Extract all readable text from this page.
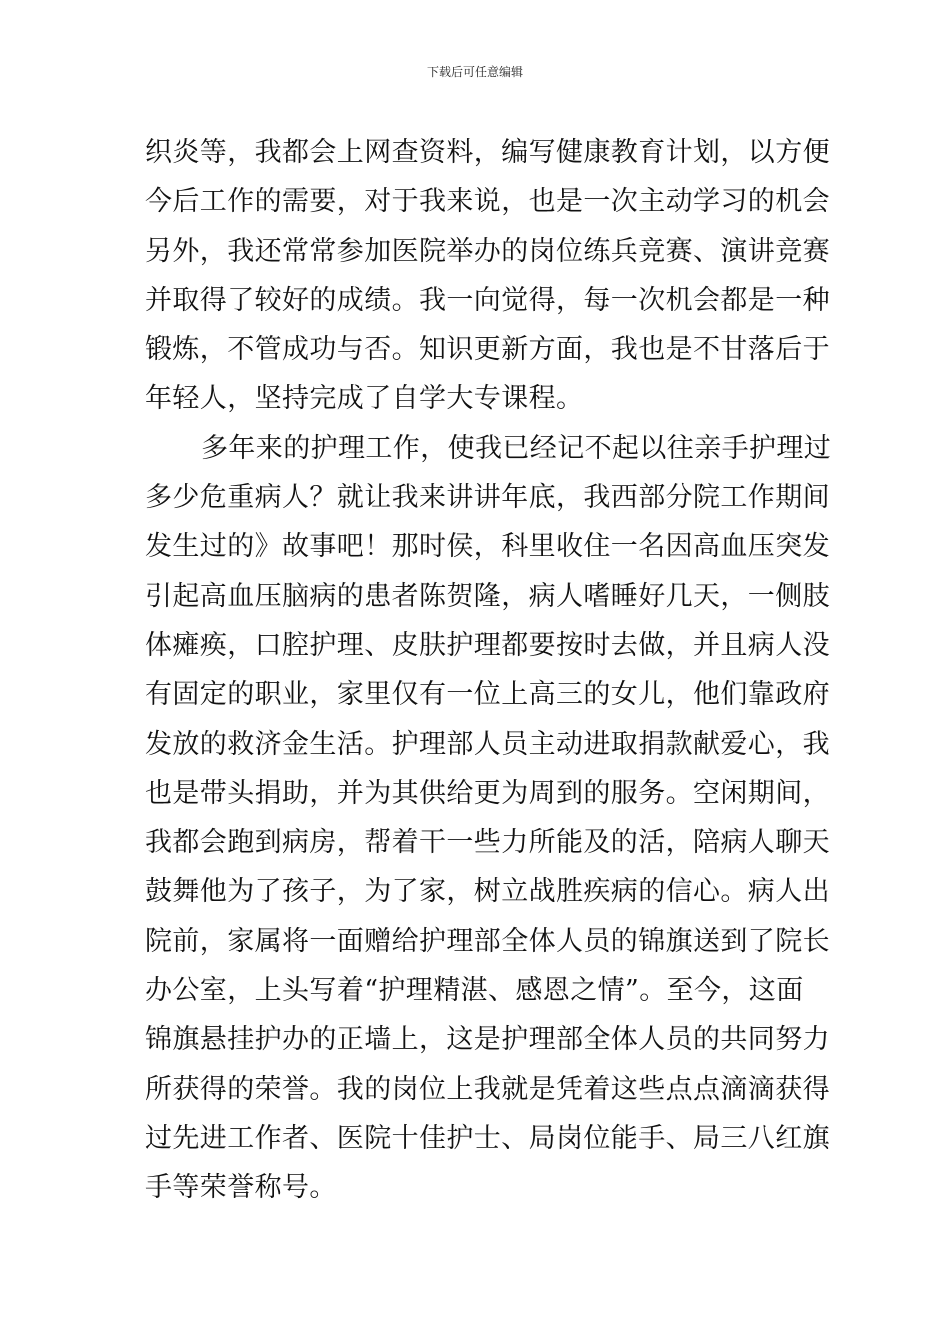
下载后可任意编辑
织炎等，我都会上网查资料，编写健康教育计划，以方便
今后工作的需要，对于我来说，也是一次主动学习的机会
另外，我还常常参加医院举办的岗位练兵竞赛、演讲竞赛
并取得了较好的成绩。我一向觉得，每一次机会都是一种
锻炼，不管成功与否。知识更新方面，我也是不甘落后于
年轻人，坚持完成了自学大专课程。
多年来的护理工作，使我已经记不起以往亲手护理过
多少危重病人？就让我来讲讲年底，我西部分院工作期间
发生过的》故事吧！那时侯，科里收住一名因高血压突发
引起高血压脑病的患者陈贺隆，病人嗜睡好几天，一侧肢
体瘫痪，口腔护理、皮肤护理都要按时去做，并且病人没
有固定的职业，家里仅有一位上高三的女儿，他们靠政府
发放的救济金生活。护理部人员主动进取捐款献爱心，我
也是带头捐助，并为其供给更为周到的服务。空闲期间，
我都会跑到病房，帮着干一些力所能及的活，陪病人聊天
鼓舞他为了孩子，为了家，树立战胜疾病的信心。病人出
院前，家属将一面赠给护理部全体人员的锦旗送到了院长
办公室，上头写着“护理精湛、感恩之情”。至今，这面
锦旗悬挂护办的正墙上，这是护理部全体人员的共同努力
所获得的荣誉。我的岗位上我就是凭着这些点点滴滴获得
过先进工作者、医院十佳护士、局岗位能手、局三八红旗
手等荣誉称号。
